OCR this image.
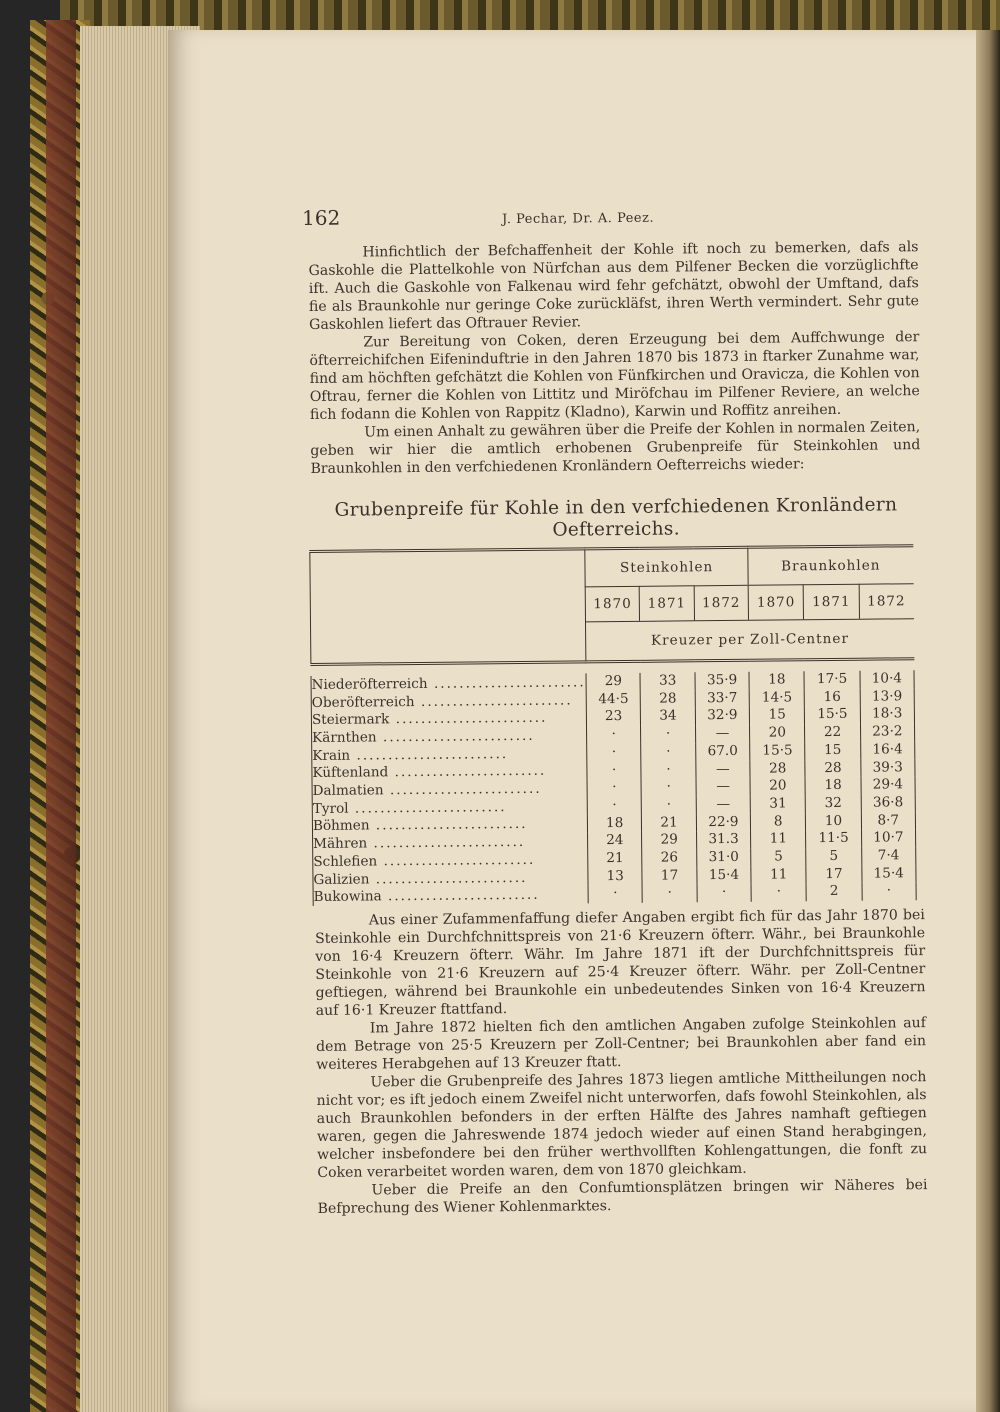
162	J. Pechar, Dr. A. Peez.

Hinfichtlich der Befchaffenheit der Kohle ift noch zu bemerken, dafs als Gaskohle die Plattelkohle von Nürfchan aus dem Pilfener Becken die vorzüglichfte ift. Auch die Gaskohle von Falkenau wird fehr gefchätzt, obwohl der Umftand, dafs fie als Braunkohle nur geringe Coke zurückläfst, ihren Werth vermindert. Sehr gute Gaskohlen liefert das Oftrauer Revier.

Zur Bereitung von Coken, deren Erzeugung bei dem Auffchwunge der öfterreichifchen Eifeninduftrie in den Jahren 1870 bis 1873 in ftarker Zunahme war, find am höchften gefchätzt die Kohlen von Fünfkirchen und Oravicza, die Kohlen von Oftrau, ferner die Kohlen von Littitz und Miröfchau im Pilfener Reviere, an welche fich fodann die Kohlen von Rappitz (Kladno), Karwin und Roffitz anreihen.

Um einen Anhalt zu gewähren über die Preife der Kohlen in normalen Zeiten, geben wir hier die amtlich erhobenen Grubenpreife für Steinkohlen und Braunkohlen in den verfchiedenen Kronländern Oefterreichs wieder:

Grubenpreife für Kohle in den verfchiedenen Kronländern Oefterreichs.
	Steinkohlen			Braunkohlen		
	1870	1871	1872	1870	1871	1872
	Kreuzer per Zoll-Centner					

Niederöfterreich ........................	29	33	35·9	18	17·5	10·4
Oberöfterreich ........................	44·5	28	33·7	14·5	16	13·9
Steiermark ........................	23	34	32·9	15	15·5	18·3
Kärnthen ........................	·	·	—	20	22	23·2
Krain ........................	·	·	67.0	15·5	15	16·4
Küftenland ........................	·	·	—	28	28	39·3
Dalmatien ........................	·	·	—	20	18	29·4
Tyrol ........................	·	·	—	31	32	36·8
Böhmen ........................	18	21	22·9	8	10	8·7
Mähren ........................	24	29	31.3	11	11·5	10·7
Schlefien ........................	21	26	31·0	5	5	7·4
Galizien ........................	13	17	15·4	11	17	15·4
Bukowina ........................	·	·	·	·	2	·

Aus einer Zufammenfaffung diefer Angaben ergibt fich für das Jahr 1870 bei Steinkohle ein Durchfchnittspreis von 21·6 Kreuzern öfterr. Währ., bei Braunkohle von 16·4 Kreuzern öfterr. Währ. Im Jahre 1871 ift der Durchfchnittspreis für Steinkohle von 21·6 Kreuzern auf 25·4 Kreuzer öfterr. Währ. per Zoll-Centner geftiegen, während bei Braunkohle ein unbedeutendes Sinken von 16·4 Kreuzern auf 16·1 Kreuzer ftattfand.

Im Jahre 1872 hielten fich den amtlichen Angaben zufolge Steinkohlen auf dem Betrage von 25·5 Kreuzern per Zoll-Centner; bei Braunkohlen aber fand ein weiteres Herabgehen auf 13 Kreuzer ftatt.

Ueber die Grubenpreife des Jahres 1873 liegen amtliche Mittheilungen noch nicht vor; es ift jedoch einem Zweifel nicht unterworfen, dafs fowohl Steinkohlen, als auch Braunkohlen befonders in der erften Hälfte des Jahres namhaft geftiegen waren, gegen die Jahreswende 1874 jedoch wieder auf einen Stand herabgingen, welcher insbefondere bei den früher werthvollften Kohlengattungen, die fonft zu Coken verarbeitet worden waren, dem von 1870 gleichkam.

Ueber die Preife an den Confumtionsplätzen bringen wir Näheres bei Befprechung des Wiener Kohlenmarktes.
